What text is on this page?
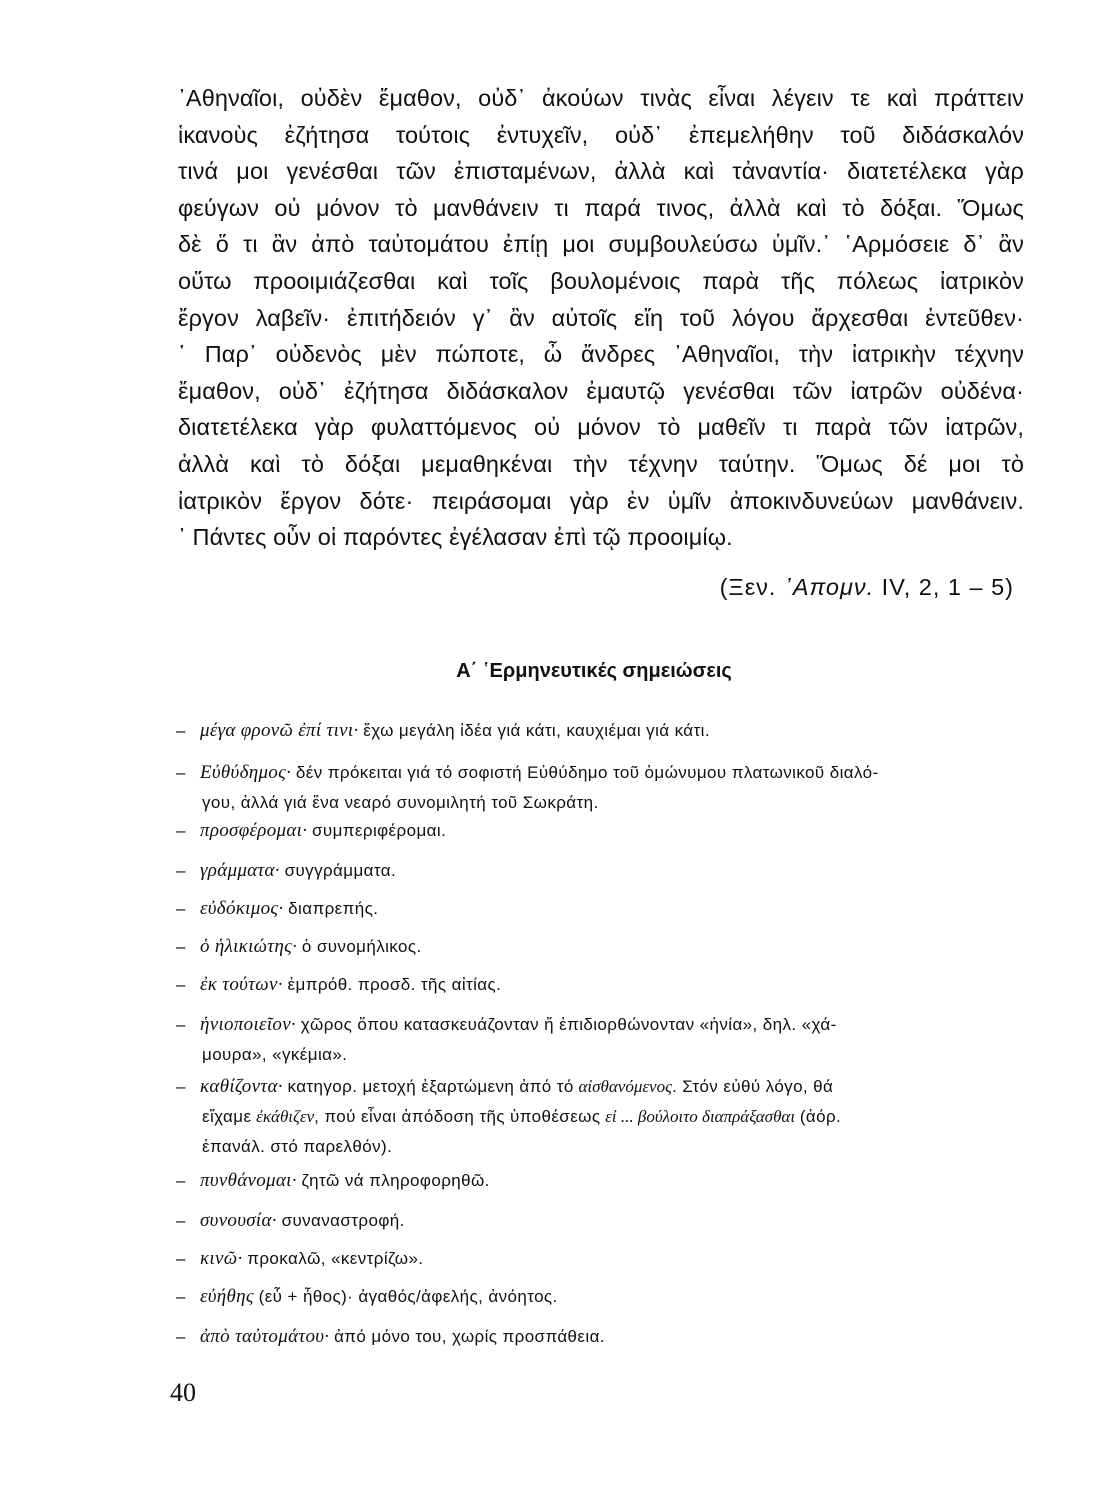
᾿Αθηναῖοι, οὐδὲν ἔμαθον, οὐδ᾿ ἀκούων τινὰς εἶναι λέγειν τε καὶ πράττειν
ἱκανοὺς ἐζήτησα τούτοις ἐντυχεῖν, οὐδ᾿ ἐπεμελήθην τοῦ διδάσκαλόν
τινά μοι γενέσθαι τῶν ἐπισταμένων, ἀλλὰ καὶ τἀναντία· διατετέλεκα γὰρ
φεύγων οὐ μόνον τὸ μανθάνειν τι παρά τινος, ἀλλὰ καὶ τὸ δόξαι. Ὅμως
δὲ ὅ τι ἂν ἀπὸ ταὐτομάτου ἐπίῃ μοι συμβουλεύσω ὑμῖν.᾿ ῾Αρμόσειε δ᾿ ἂν
οὕτω προοιμιάζεσθαι καὶ τοῖς βουλομένοις παρὰ τῆς πόλεως ἰατρικὸν
ἔργον λαβεῖν· ἐπιτήδειόν γ᾿ ἂν αὐτοῖς εἴη τοῦ λόγου ἄρχεσθαι ἐντεῦθεν·
῾ Παρ᾿ οὐδενὸς μὲν πώποτε, ὦ ἄνδρες ᾿Αθηναῖοι, τὴν ἰατρικὴν τέχνην
ἔμαθον, οὐδ᾿ ἐζήτησα διδάσκαλον ἐμαυτῷ γενέσθαι τῶν ἰατρῶν οὐδένα·
διατετέλεκα γὰρ φυλαττόμενος οὐ μόνον τὸ μαθεῖν τι παρὰ τῶν ἰατρῶν,
ἀλλὰ καὶ τὸ δόξαι μεμαθηκέναι τὴν τέχνην ταύτην. Ὅμως δέ μοι τὸ
ἰατρικὸν ἔργον δότε· πειράσομαι γὰρ ἐν ὑμῖν ἀποκινδυνεύων μανθάνειν.
᾿ Πάντες οὖν οἱ παρόντες ἐγέλασαν ἐπὶ τῷ προοιμίῳ.
(Ξεν. ᾿Απομν. IV, 2, 1 – 5)
Α΄ ῾Ερμηνευτικές σημειώσεις
– μέγα φρονῶ ἐπί τινι· ἔχω μεγάλη ἰδέα γιά κάτι, καυχιέμαι γιά κάτι.
– Εὐθύδημος· δέν πρόκειται γιά τό σοφιστή Εὐθύδημο τοῦ ὁμώνυμου πλατωνικοῦ διαλό-
γου, ἀλλά γιά ἕνα νεαρό συνομιλητή τοῦ Σωκράτη.
– προσφέρομαι· συμπεριφέρομαι.
– γράμματα· συγγράμματα.
– εὐδόκιμος· διαπρεπής.
– ὁ ἡλικιώτης· ὁ συνομήλικος.
– ἐκ τούτων· ἐμπρόθ. προσδ. τῆς αἰτίας.
– ἡνιοποιεῖον· χῶρος ὅπου κατασκευάζονταν ἤ ἐπιδιορθώνονταν «ἡνία», δηλ. «χά-
μουρα», «γκέμια».
– καθίζοντα· κατηγορ. μετοχή ἐξαρτώμενη ἀπό τό αἰσθανόμενος. Στόν εὐθύ λόγο, θά
εἴχαμε ἐκάθιζεν, πού εἶναι ἀπόδοση τῆς ὑποθέσεως εἰ ... βούλοιτο διαπράξασθαι (ἀόρ.
ἐπανάλ. στό παρελθόν).
– πυνθάνομαι· ζητῶ νά πληροφορηθῶ.
– συνουσία· συναναστροφή.
– κινῶ· προκαλῶ, «κεντρίζω».
– εὐήθης (εὖ + ἦθος)· ἀγαθός/ἀφελής, ἀνόητος.
– ἀπὸ ταὐτομάτου· ἀπό μόνο του, χωρίς προσπάθεια.
40
